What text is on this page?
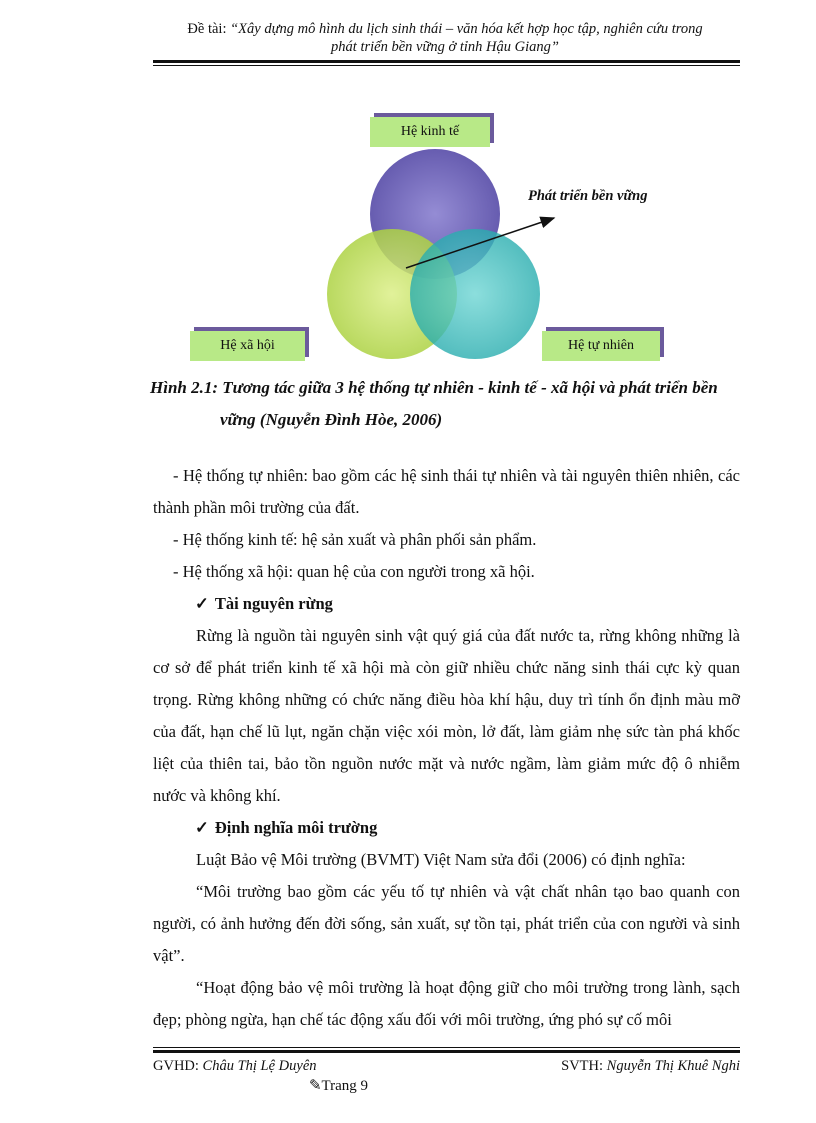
Đề tài: “Xây dựng mô hình du lịch sinh thái – văn hóa kết hợp học tập, nghiên cứu trong
phát triển bền vững ở tỉnh Hậu Giang”
Hệ kinh tế
Hệ xã hội	Hệ tự nhiên
Phát triển bền vững
Hình 2.1: Tương tác giữa 3 hệ thống tự nhiên - kinh tế - xã hội và phát triển bền
vững (Nguyễn Đình Hòe, 2006)

- Hệ thống tự nhiên: bao gồm các hệ sinh thái tự nhiên và tài nguyên thiên nhiên, các thành phần môi trường của đất.

- Hệ thống kinh tế: hệ sản xuất và phân phối sản phẩm.

- Hệ thống xã hội: quan hệ của con người trong xã hội.

✓ Tài nguyên rừng

Rừng là nguồn tài nguyên sinh vật quý giá của đất nước ta, rừng không những là cơ sở để phát triển kinh tế xã hội mà còn giữ nhiều chức năng sinh thái cực kỳ quan trọng. Rừng không những có chức năng điều hòa khí hậu, duy trì tính ổn định màu mỡ của đất, hạn chế lũ lụt, ngăn chặn việc xói mòn, lở đất, làm giảm nhẹ sức tàn phá khốc liệt của thiên tai, bảo tồn nguồn nước mặt và nước ngầm, làm giảm mức độ ô nhiễm nước và không khí.

✓ Định nghĩa môi trường

Luật Bảo vệ Môi trường (BVMT) Việt Nam sửa đổi (2006) có định nghĩa:

“Môi trường bao gồm các yếu tố tự nhiên và vật chất nhân tạo bao quanh con người, có ảnh hưởng đến đời sống, sản xuất, sự tồn tại, phát triển của con người và sinh vật”.

“Hoạt động bảo vệ môi trường là hoạt động giữ cho môi trường trong lành, sạch đẹp; phòng ngừa, hạn chế tác động xấu đối với môi trường, ứng phó sự cố môi

GVHD: Châu Thị Lệ Duyên	SVTH: Nguyễn Thị Khuê Nghi
✎Trang 9
